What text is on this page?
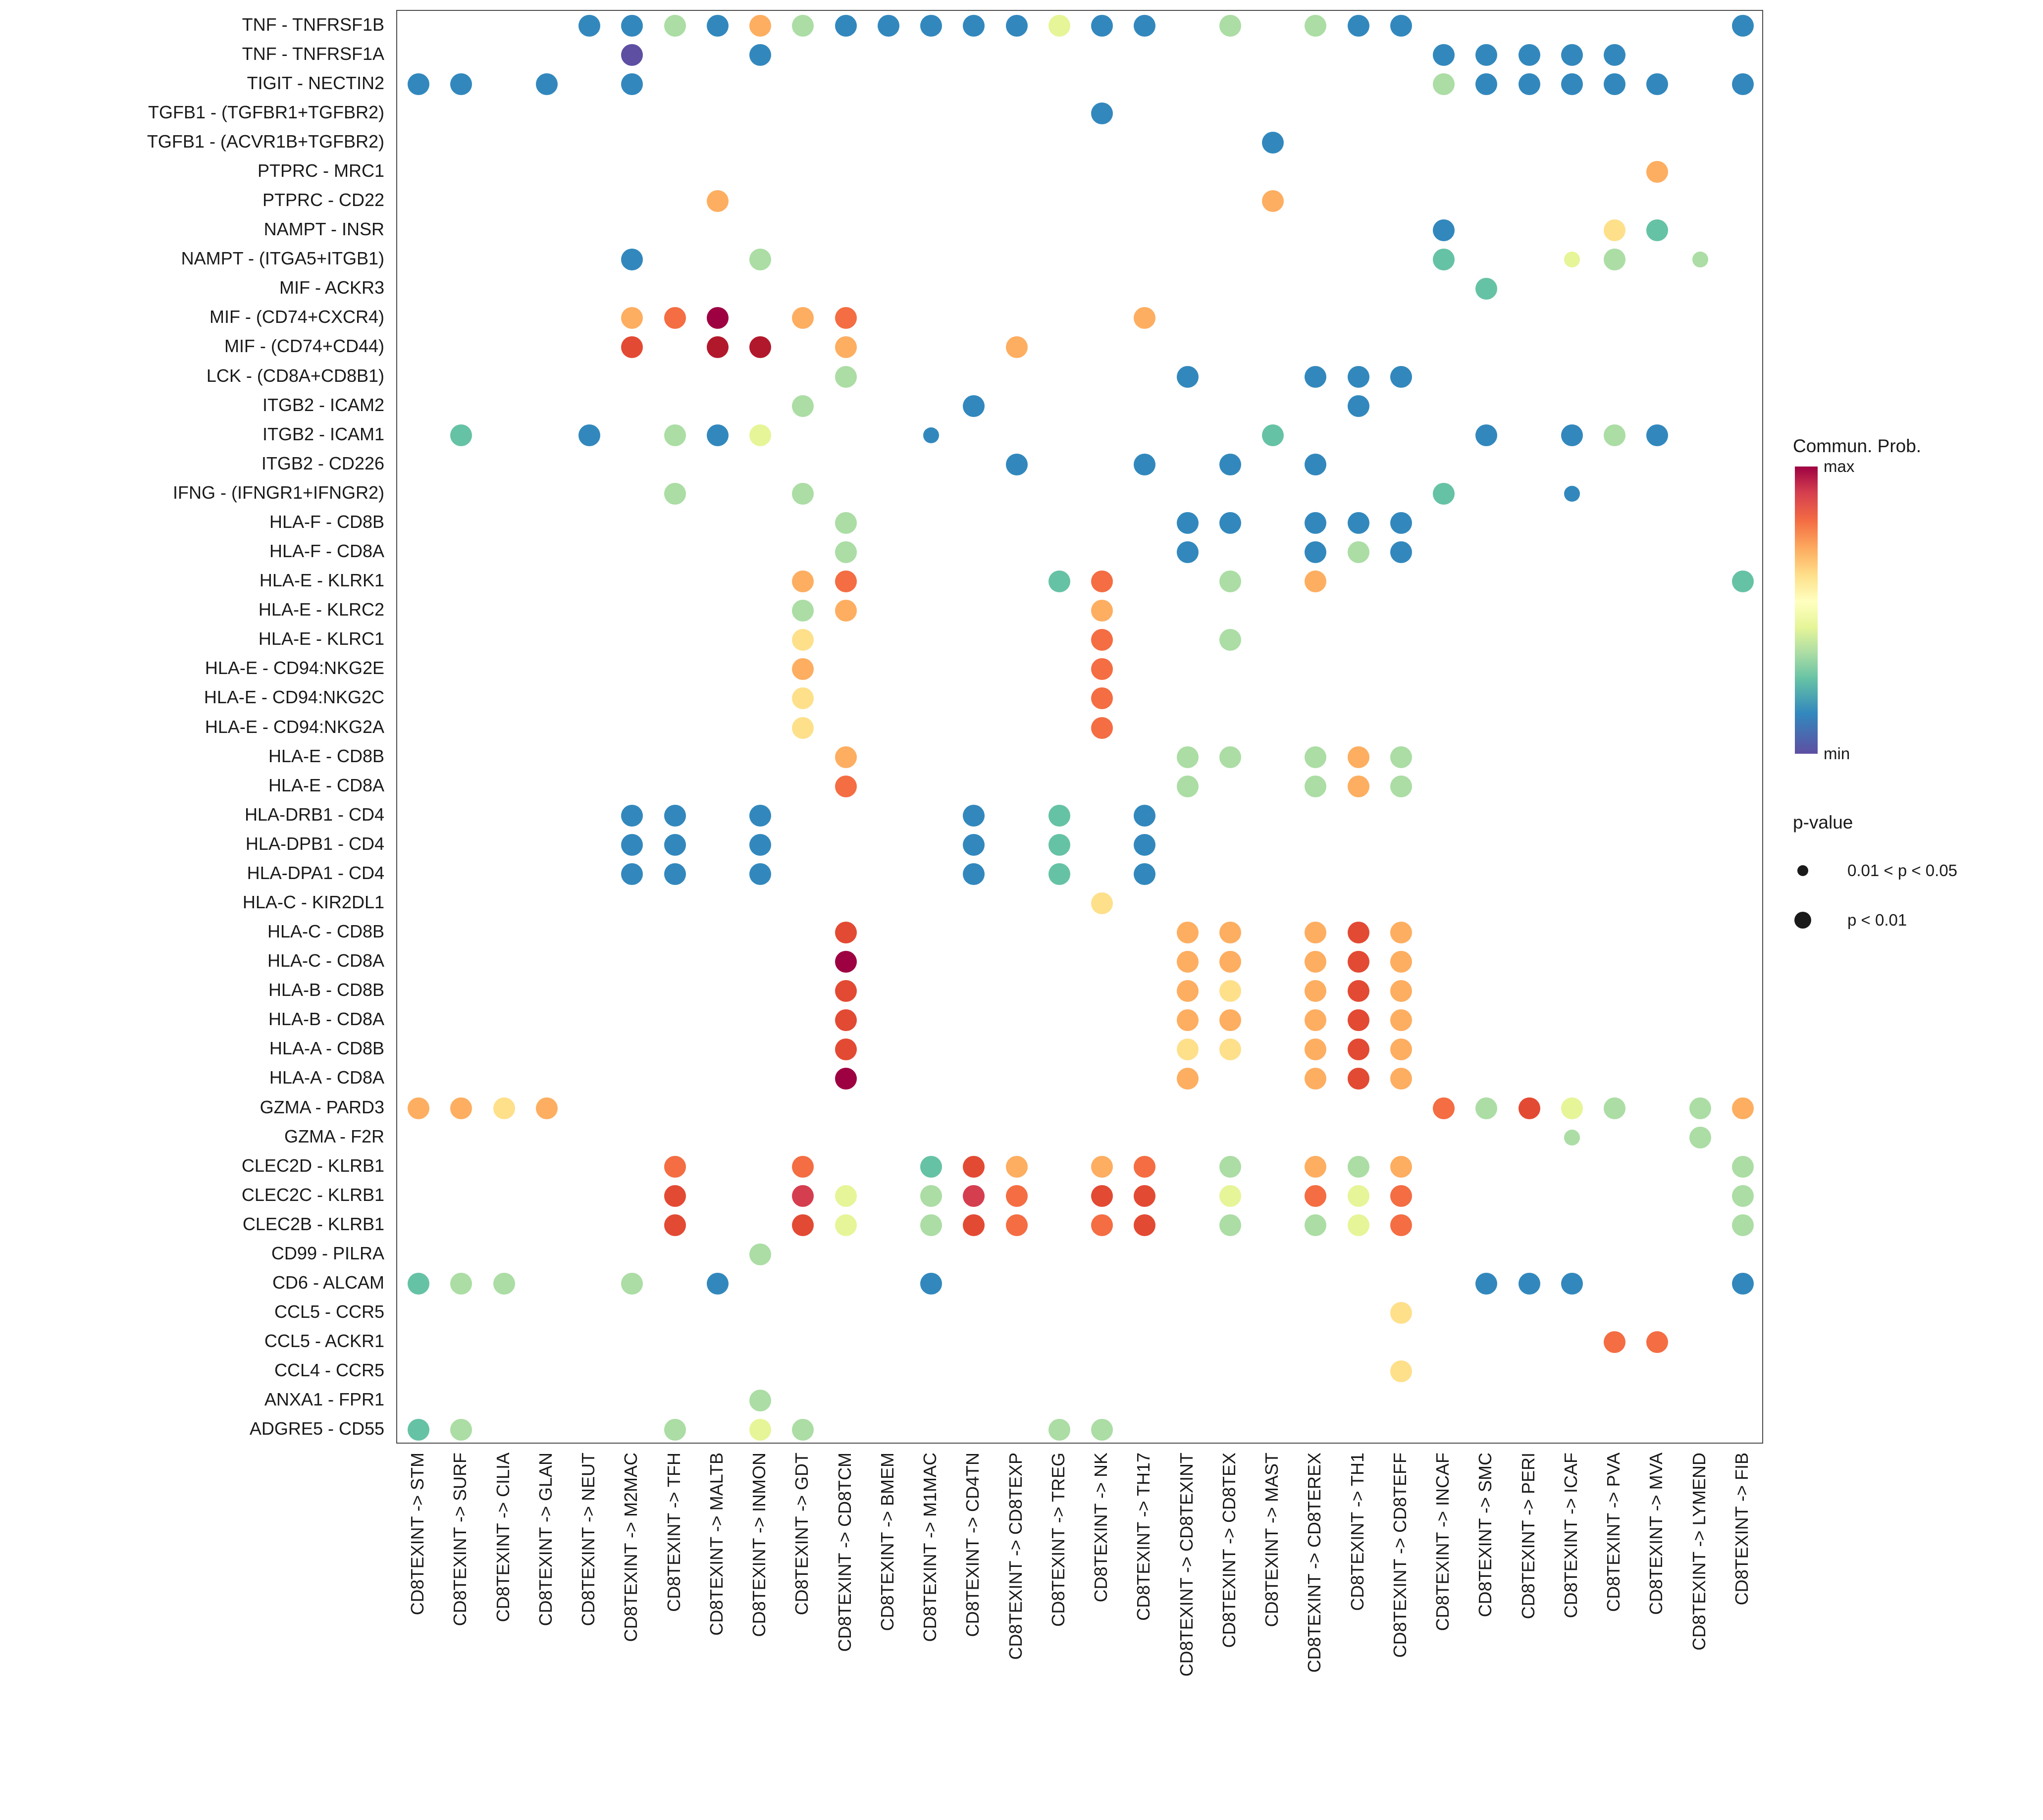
TNF - TNFRSF1B
TNF - TNFRSF1A
TIGIT - NECTIN2
TGFB1 - (TGFBR1+TGFBR2)
TGFB1 - (ACVR1B+TGFBR2)
PTPRC - MRC1
PTPRC - CD22
NAMPT - INSR
NAMPT - (ITGA5+ITGB1)
MIF - ACKR3
MIF - (CD74+CXCR4)
MIF - (CD74+CD44)
LCK - (CD8A+CD8B1)
ITGB2 - ICAM2
ITGB2 - ICAM1
ITGB2 - CD226
IFNG - (IFNGR1+IFNGR2)
HLA-F - CD8B
HLA-F - CD8A
HLA-E - KLRK1
HLA-E - KLRC2
HLA-E - KLRC1
HLA-E - CD94:NKG2E
HLA-E - CD94:NKG2C
HLA-E - CD94:NKG2A
HLA-E - CD8B
HLA-E - CD8A
HLA-DRB1 - CD4
HLA-DPB1 - CD4
HLA-DPA1 - CD4
HLA-C - KIR2DL1
HLA-C - CD8B
HLA-C - CD8A
HLA-B - CD8B
HLA-B - CD8A
HLA-A - CD8B
HLA-A - CD8A
GZMA - PARD3
GZMA - F2R
CLEC2D - KLRB1
CLEC2C - KLRB1
CLEC2B - KLRB1
CD99 - PILRA
CD6 - ALCAM
CCL5 - CCR5
CCL5 - ACKR1
CCL4 - CCR5
ANXA1 - FPR1
ADGRE5 - CD55
CD8TEXINT -> STM CD8TEXINT -> SURF CD8TEXINT -> CILIA CD8TEXINT -> GLAN CD8TEXINT -> NEUT CD8TEXINT -> M2MAC CD8TEXINT -> TFH CD8TEXINT -> MALTB CD8TEXINT -> INMON CD8TEXINT -> GDT CD8TEXINT -> CD8TCM CD8TEXINT -> BMEM CD8TEXINT -> M1MAC CD8TEXINT -> CD4TN CD8TEXINT -> CD8TEXP CD8TEXINT -> TREG CD8TEXINT -> NK CD8TEXINT -> TH17 CD8TEXINT -> CD8TEXINT CD8TEXINT -> CD8TEX CD8TEXINT -> MAST CD8TEXINT -> CD8TEREX CD8TEXINT -> TH1 CD8TEXINT -> CD8TEFF CD8TEXINT -> INCAF CD8TEXINT -> SMC CD8TEXINT -> PERI CD8TEXINT -> ICAF CD8TEXINT -> PVA CD8TEXINT -> MVA CD8TEXINT -> LYMEND CD8TEXINT -> FIB
Commun. Prob.
max
min
p-value
0.01 < p < 0.05
p < 0.01
